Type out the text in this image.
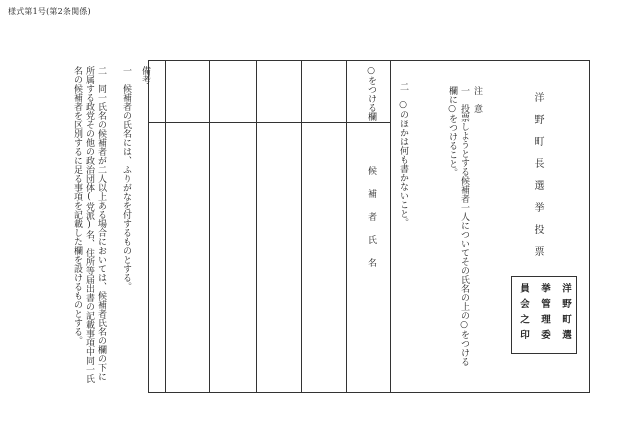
様式第1号(第2条関係)
備考
一　候補者の氏名には、ふりがなを付するものとする。
二　同一氏名の候補者が二人以上ある場合においては、候補者氏名の欄の下に所属する政党その他の政治団体(党派)名、住所等届出書の記載事項中同一氏名の候補者を区別するに足る事項を記載した欄を設けるものとする。	○をつける欄
候補者氏名
注意
一　投票しようとする候補者一人についてその氏名の上の○をつける欄に○をつけること。
二　○のほかは何も書かないこと。	洋野町長選挙投票
洋野町選
挙管理委
員会之印
